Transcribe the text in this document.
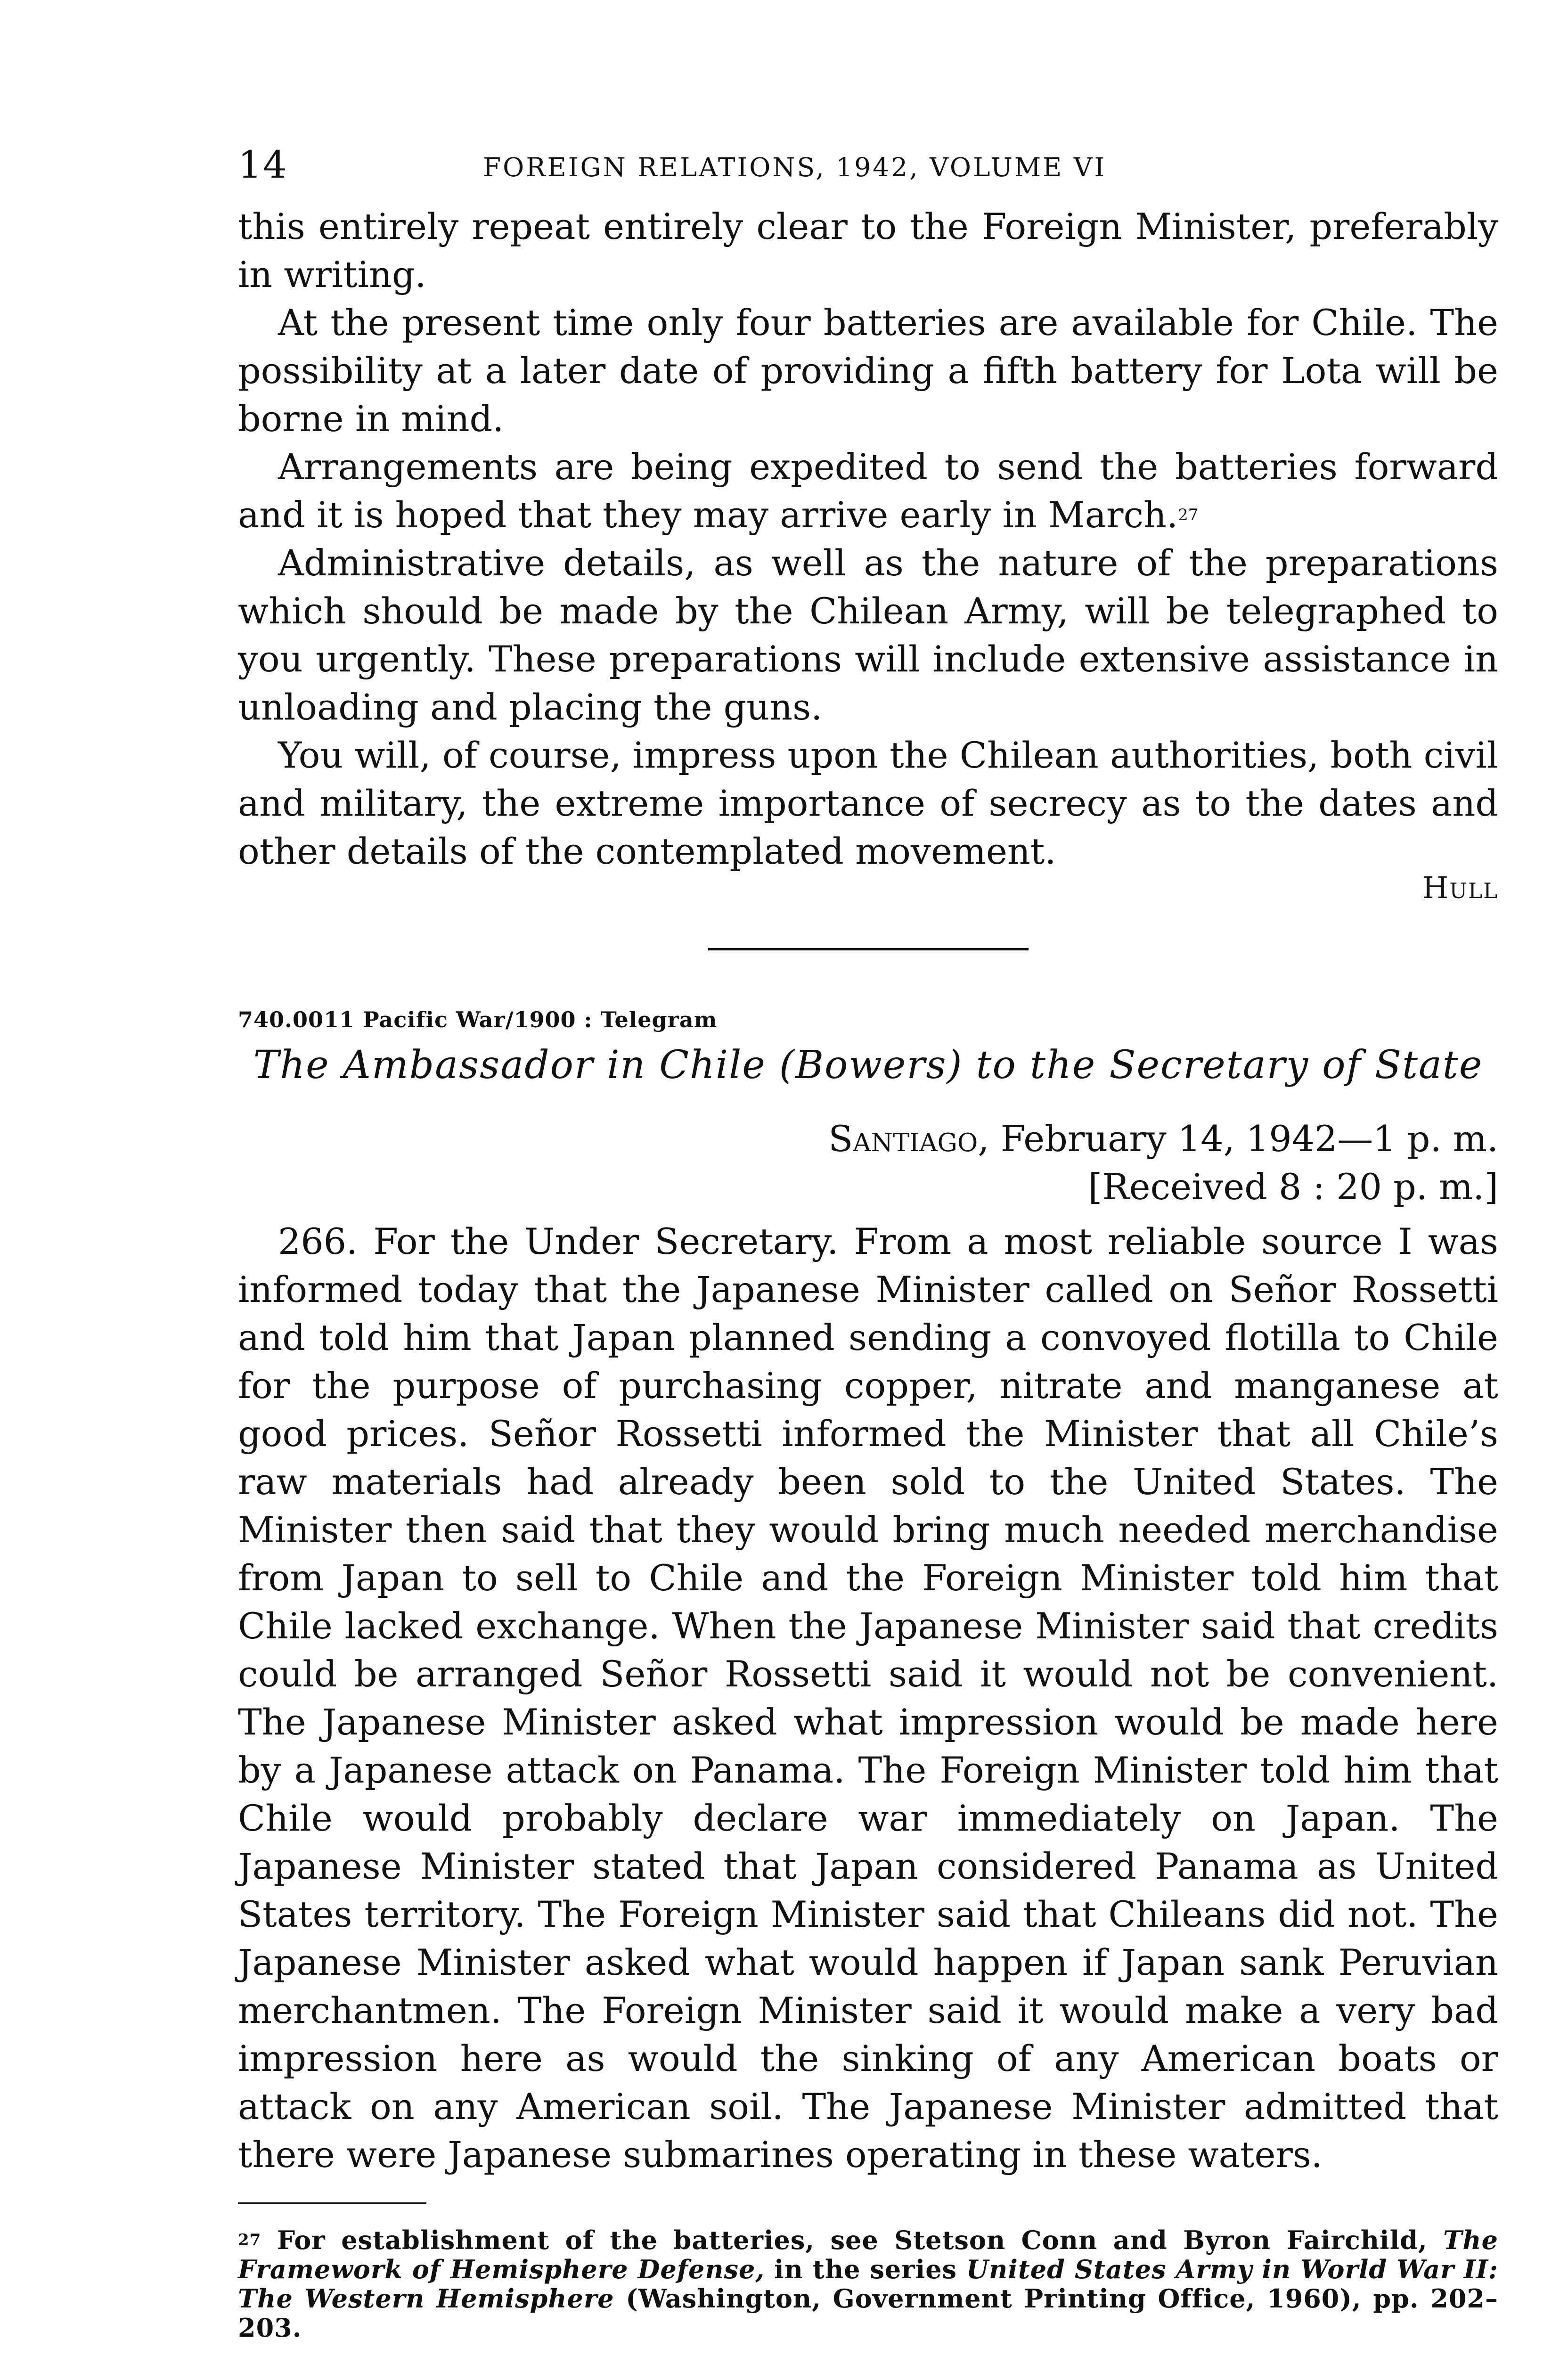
14	FOREIGN RELATIONS, 1942, VOLUME VI

this entirely repeat entirely clear to the Foreign Minister, preferably in writing.

At the present time only four batteries are available for Chile. The possibility at a later date of providing a fifth battery for Lota will be borne in mind.

Arrangements are being expedited to send the batteries forward and it is hoped that they may arrive early in March.$^{27}$

Administrative details, as well as the nature of the preparations which should be made by the Chilean Army, will be telegraphed to you urgently. These preparations will include extensive assistance in unloading and placing the guns.

You will, of course, impress upon the Chilean authorities, both civil and military, the extreme importance of secrecy as to the dates and other details of the contemplated movement.

Hull
740.0011 Pacific War/1900 : Telegram
The Ambassador in Chile (Bowers) to the Secretary of State
Santiago, February 14, 1942—1 p. m.
[Received 8 : 20 p. m.]

266. For the Under Secretary. From a most reliable source I was informed today that the Japanese Minister called on Señor Rossetti and told him that Japan planned sending a convoyed flotilla to Chile for the purpose of purchasing copper, nitrate and manganese at good prices. Señor Rossetti informed the Minister that all Chile’s raw materials had already been sold to the United States. The Minister then said that they would bring much needed merchandise from Japan to sell to Chile and the Foreign Minister told him that Chile lacked exchange. When the Japanese Minister said that credits could be arranged Señor Rossetti said it would not be convenient. The Japanese Minister asked what impression would be made here by a Japanese attack on Panama. The Foreign Minister told him that Chile would probably declare war immediately on Japan. The Japanese Minister stated that Japan considered Panama as United States territory. The Foreign Minister said that Chileans did not. The Japanese Minister asked what would happen if Japan sank Peruvian merchantmen. The Foreign Minister said it would make a very bad impression here as would the sinking of any American boats or attack on any American soil. The Japanese Minister admitted that there were Japanese submarines operating in these waters.

$^{27}$ For establishment of the batteries, see Stetson Conn and Byron Fairchild, The Framework of Hemisphere Defense, in the series United States Army in World War II: The Western Hemisphere (Washington, Government Printing Office, 1960), pp. 202–203.
